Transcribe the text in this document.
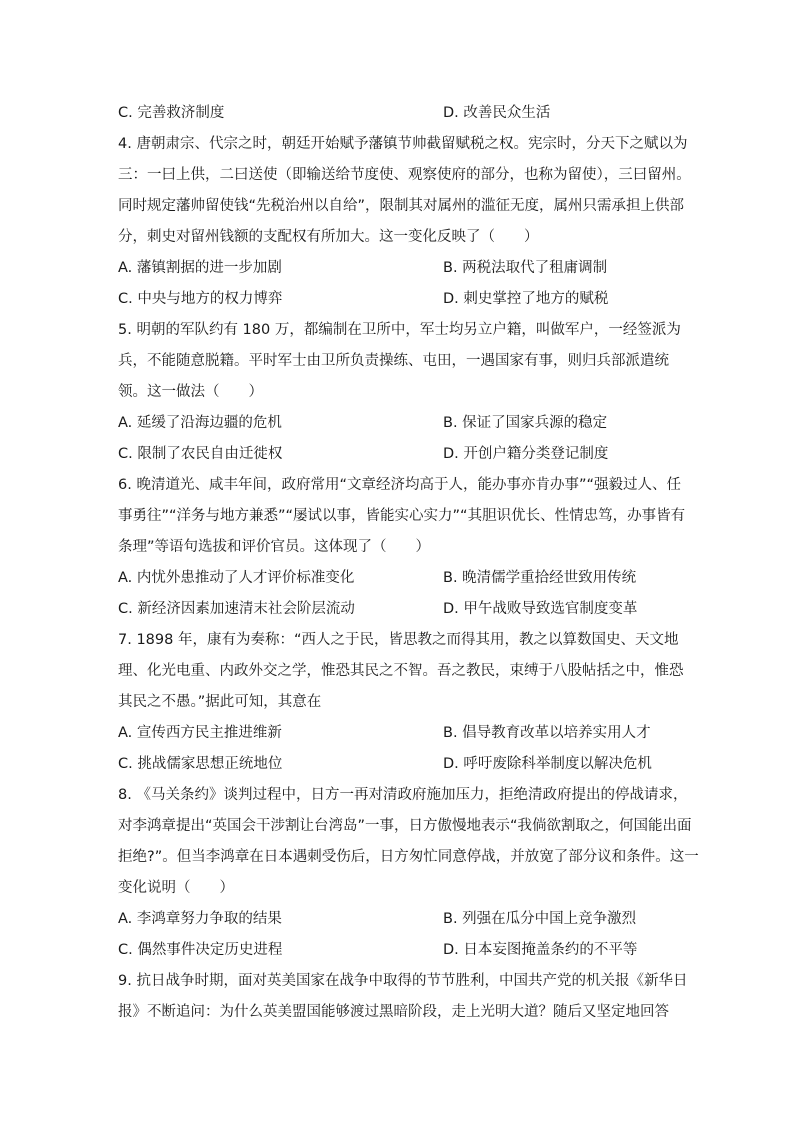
C. 完善救济制度	D. 改善民众生活
4. 唐朝肃宗、代宗之时，朝廷开始赋予藩镇节帅截留赋税之权。宪宗时，分天下之赋以为
三：一曰上供，二曰送使（即输送给节度使、观察使府的部分，也称为留使），三曰留州。
同时规定藩帅留使钱“先税治州以自给”，限制其对属州的滥征无度，属州只需承担上供部
分，刺史对留州钱额的支配权有所加大。这一变化反映了（　　）
A. 藩镇割据的进一步加剧	B. 两税法取代了租庸调制
C. 中央与地方的权力博弈	D. 刺史掌控了地方的赋税
5. 明朝的军队约有 180 万，都编制在卫所中，军士均另立户籍，叫做军户，一经签派为
兵，不能随意脱籍。平时军士由卫所负责操练、屯田，一遇国家有事，则归兵部派遣统
领。这一做法（　　）
A. 延缓了沿海边疆的危机	B. 保证了国家兵源的稳定
C. 限制了农民自由迁徙权	D. 开创户籍分类登记制度
6. 晚清道光、咸丰年间，政府常用“文章经济均高于人，能办事亦肯办事”“强毅过人、任
事勇往”“洋务与地方兼悉”“屡试以事，皆能实心实力”“其胆识优长、性情忠笃，办事皆有
条理”等语句选拔和评价官员。这体现了（　　）
A. 内忧外患推动了人才评价标准变化	B. 晚清儒学重拾经世致用传统
C. 新经济因素加速清末社会阶层流动	D. 甲午战败导致选官制度变革
7. 1898 年，康有为奏称：“西人之于民，皆思教之而得其用，教之以算数国史、天文地
理、化光电重、内政外交之学，惟恐其民之不智。吾之教民，束缚于八股帖括之中，惟恐
其民之不愚。”据此可知，其意在
A. 宣传西方民主推进维新	B. 倡导教育改革以培养实用人才
C. 挑战儒家思想正统地位	D. 呼吁废除科举制度以解决危机
8. 《马关条约》谈判过程中，日方一再对清政府施加压力，拒绝清政府提出的停战请求，
对李鸿章提出“英国会干涉割让台湾岛”一事，日方傲慢地表示“我倘欲割取之，何国能出面
拒绝?”。但当李鸿章在日本遇刺受伤后，日方匆忙同意停战，并放宽了部分议和条件。这一
变化说明（　　）
A. 李鸿章努力争取的结果	B. 列强在瓜分中国上竞争激烈
C. 偶然事件决定历史进程	D. 日本妄图掩盖条约的不平等
9. 抗日战争时期，面对英美国家在战争中取得的节节胜利，中国共产党的机关报《新华日
报》不断追问：为什么英美盟国能够渡过黑暗阶段，走上光明大道？随后又坚定地回答
